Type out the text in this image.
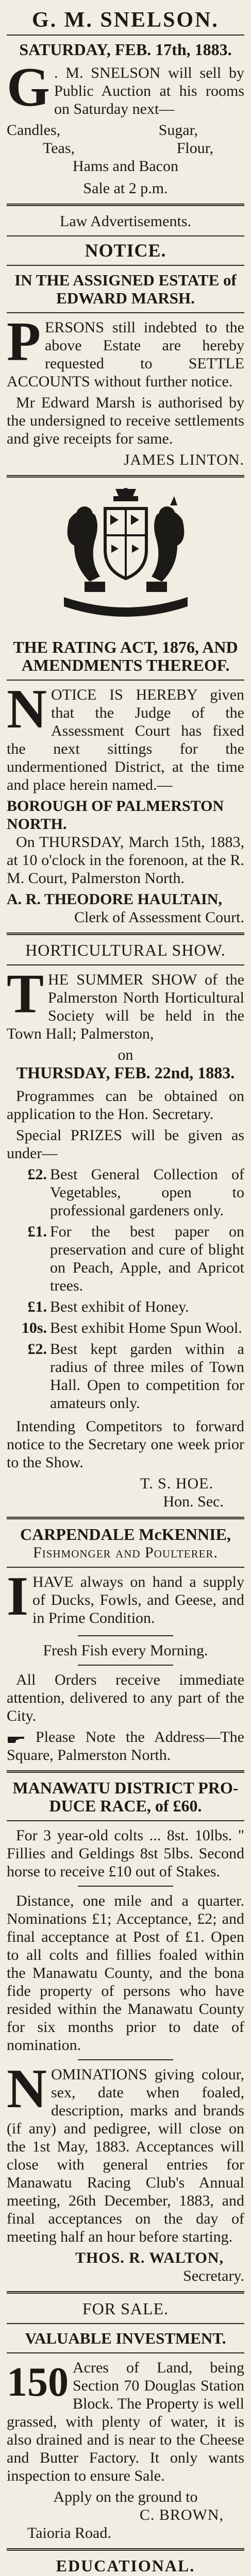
G. M. SNELSON.
SATURDAY, FEB. 17th, 1883.
G . M. SNELSON will sell by Public Auction at his rooms on Saturday next—

Candles,	Sugar,
Teas,	Flour,
Hams and Bacon
Sale at 2 p.m.
Law Advertisements.
NOTICE.
IN THE ASSIGNED ESTATE of
EDWARD MARSH.
P ERSONS still indebted to the above Estate are hereby requested to SETTLE ACCOUNTS without further notice.

Mr Edward Marsh is authorised by the undersigned to receive settlements and give receipts for same.

JAMES LINTON.

THE RATING ACT, 1876, AND
AMENDMENTS THEREOF.
N OTICE IS HEREBY given that the Judge of the Assessment Court has fixed the next sittings for the undermentioned District, at the time and place herein named.—

BOROUGH OF PALMERSTON NORTH.

On THURSDAY, March 15th, 1883, at 10 o'clock in the forenoon, at the R. M. Court, Palmerston North.

A. R. THEODORE HAULTAIN,
Clerk of Assessment Court.
HORTICULTURAL SHOW.
T HE SUMMER SHOW of the Palmerston North Horticultural Society will be held in the Town Hall; Palmerston,

on
THURSDAY, FEB. 22nd, 1883.

Programmes can be obtained on application to the Hon. Secretary.

Special PRIZES will be given as under—

£2. Best General Collection of Vegetables, open to professional gardeners only.
£1. For the best paper on preservation and cure of blight on Peach, Apple, and Apricot trees.
£1. Best exhibit of Honey.
10s. Best exhibit Home Spun Wool.
£2. Best kept garden within a radius of three miles of Town Hall. Open to competition for amateurs only.

Intending Competitors to forward notice to the Secretary one week prior to the Show.

T. S. HOE.
Hon. Sec.
CARPENDALE McKENNIE,
Fishmonger and Poulterer.
I HAVE always on hand a supply of Ducks, Fowls, and Geese, and in Prime Condition.

Fresh Fish every Morning.

All Orders receive immediate attention, delivered to any part of the City.

Please Note the Address—The Square, Palmerston North.

MANAWATU DISTRICT PRO-
DUCE RACE, of £60.

For 3 year-old colts ... 8st. 10lbs. " Fillies and Geldings 8st 5lbs. Second horse to receive £10 out of Stakes.

Distance, one mile and a quarter. Nominations £1; Acceptance, £2; and final acceptance at Post of £1. Open to all colts and fillies foaled within the Manawatu County, and the bona fide property of persons who have resided within the Manawatu County for six months prior to date of nomination.

N OMINATIONS giving colour, sex, date when foaled, description, marks and brands (if any) and pedigree, will close on the 1st May, 1883. Acceptances will close with general entries for Manawatu Racing Club's Annual meeting, 26th December, 1883, and final acceptances on the day of meeting half an hour before starting.

THOS. R. WALTON,
Secretary.
FOR SALE.
VALUABLE INVESTMENT.
150 Acres of Land, being Section 70 Douglas Station Block. The Property is well grassed, with plenty of water, it is also drained and is near to the Cheese and Butter Factory. It only wants inspection to ensure Sale.

Apply on the ground to
C. BROWN,
Taioria Road.
EDUCATIONAL.
